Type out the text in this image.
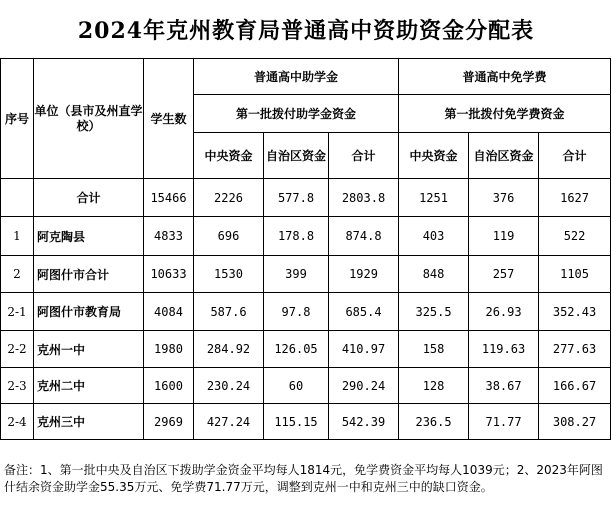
2024年克州教育局普通高中资助资金分配表
序号	单位（县市及州直学校）	学生数	普通高中助学金			普通高中免学费		
			第一批拨付助学金资金			第一批拨付免学费资金		
			中央资金	自治区资金	合计	中央资金	自治区资金	合计
	合计	15466	2226	577.8	2803.8	1251	376	1627
1	阿克陶县	4833	696	178.8	874.8	403	119	522
2	阿图什市合计	10633	1530	399	1929	848	257	1105
2-1	阿图什市教育局	4084	587.6	97.8	685.4	325.5	26.93	352.43
2-2	克州一中	1980	284.92	126.05	410.97	158	119.63	277.63
2-3	克州二中	1600	230.24	60	290.24	128	38.67	166.67
2-4	克州三中	2969	427.24	115.15	542.39	236.5	71.77	308.27
备注：1、第一批中央及自治区下拨助学金资金平均每人1814元，免学费资金平均每人1039元；2、2023年阿图什结余资金助学金55.35万元、免学费71.77万元，调整到克州一中和克州三中的缺口资金。
